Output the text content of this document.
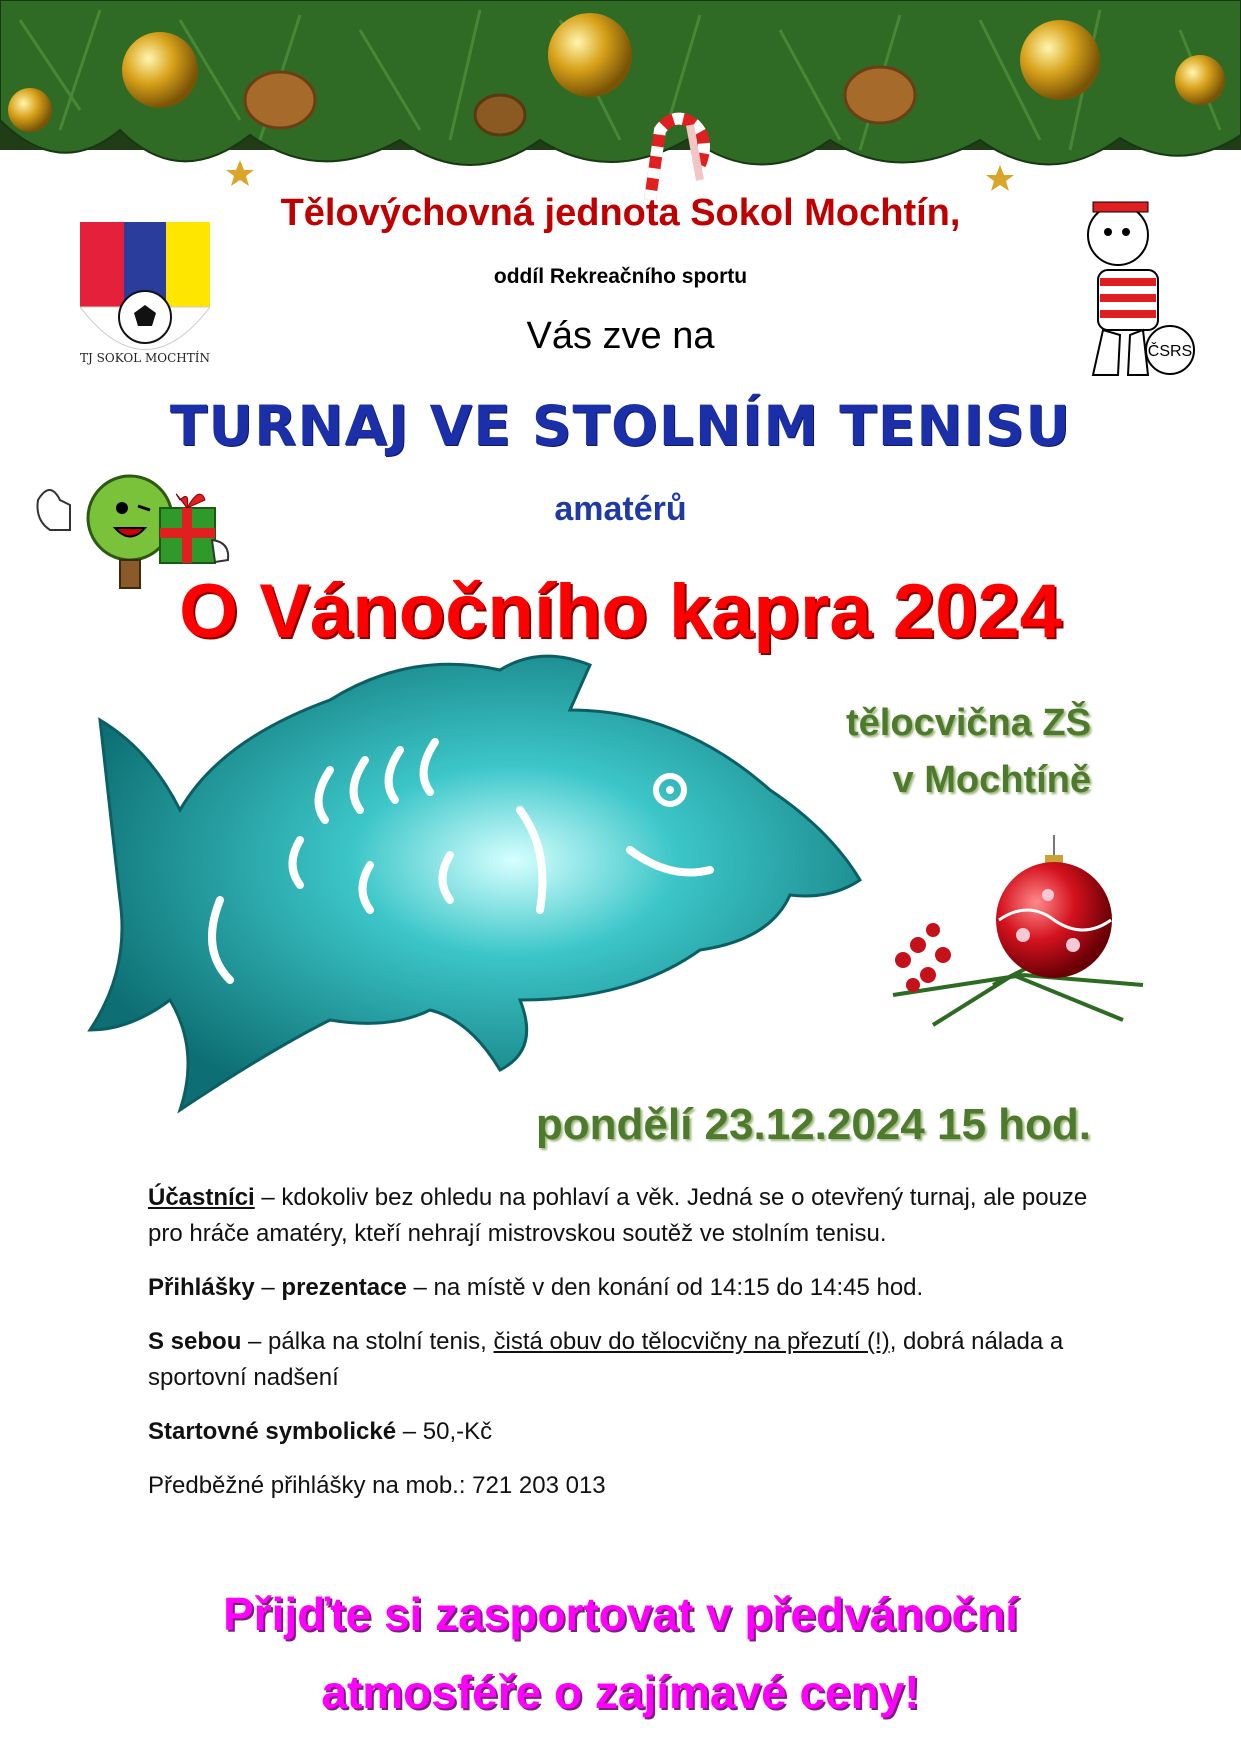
TJ SOKOL MOCHTÍN	ČSRS
Tělovýchovná jednota Sokol Mochtín,
oddíl Rekreačního sportu
Vás zve na
TURNAJ VE STOLNÍM TENISU
amatérů
O Vánočního kapra 2024
tělocvična ZŠ
v Mochtíně
pondělí 23.12.2024 15 hod.

Účastníci – kdokoliv bez ohledu na pohlaví a věk. Jedná se o otevřený turnaj, ale pouze pro hráče amatéry, kteří nehrají mistrovskou soutěž ve stolním tenisu.

Přihlášky – prezentace – na místě v den konání od 14:15 do 14:45 hod.

S sebou – pálka na stolní tenis, čistá obuv do tělocvičny na přezutí (!), dobrá nálada a sportovní nadšení

Startovné symbolické – 50,-Kč

Předběžné přihlášky na mob.: 721 203 013

Přijďte si zasportovat v předvánoční
atmosféře o zajímavé ceny!
